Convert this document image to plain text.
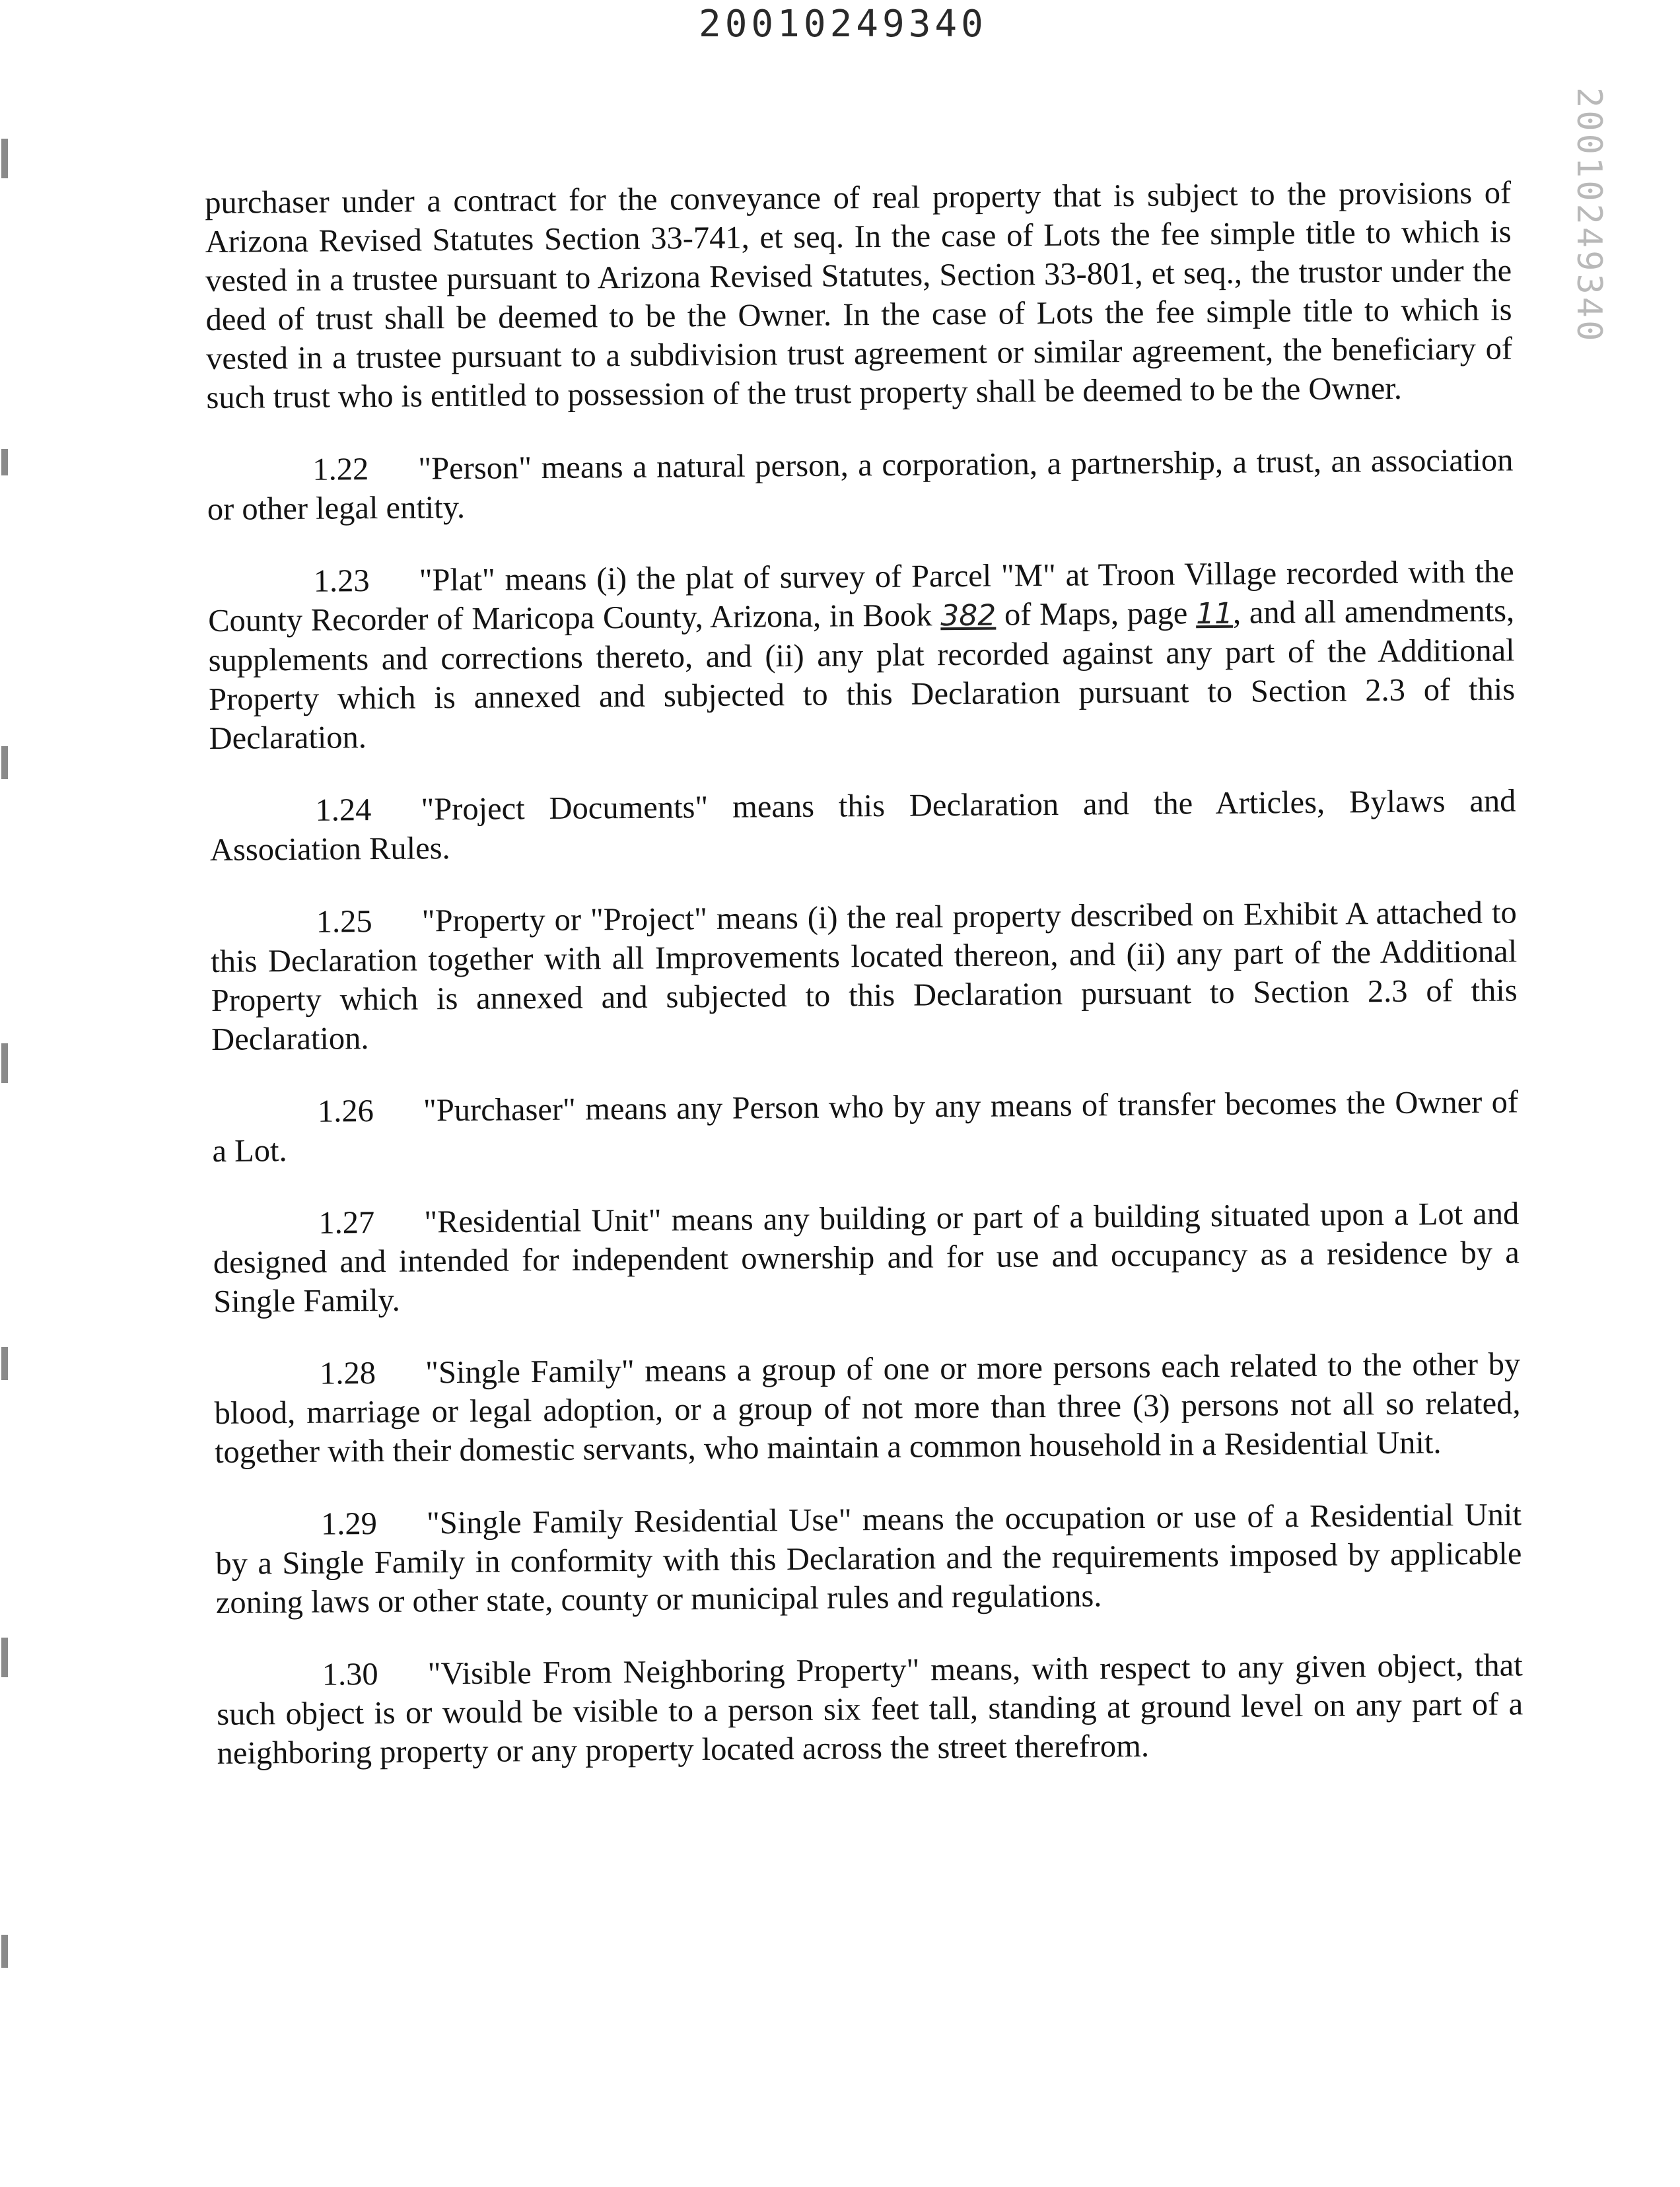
20010249340
20010249340

purchaser under a contract for the conveyance of real property that is subject to the provisions of Arizona Revised Statutes Section 33-741, et seq. In the case of Lots the fee simple title to which is vested in a trustee pursuant to Arizona Revised Statutes, Section 33-801, et seq., the trustor under the deed of trust shall be deemed to be the Owner. In the case of Lots the fee simple title to which is vested in a trustee pursuant to a subdivision trust agreement or similar agreement, the beneficiary of such trust who is entitled to possession of the trust property shall be deemed to be the Owner.

1.22 "Person" means a natural person, a corporation, a partnership, a trust, an association or other legal entity.

1.23 "Plat" means (i) the plat of survey of Parcel "M" at Troon Village recorded with the County Recorder of Maricopa County, Arizona, in Book 382 of Maps, page 11, and all amendments, supplements and corrections thereto, and (ii) any plat recorded against any part of the Additional Property which is annexed and subjected to this Declaration pursuant to Section 2.3 of this Declaration.

1.24 "Project Documents" means this Declaration and the Articles, Bylaws and Association Rules.

1.25 "Property or "Project" means (i) the real property described on Exhibit A attached to this Declaration together with all Improvements located thereon, and (ii) any part of the Additional Property which is annexed and subjected to this Declaration pursuant to Section 2.3 of this Declaration.

1.26 "Purchaser" means any Person who by any means of transfer becomes the Owner of a Lot.

1.27 "Residential Unit" means any building or part of a building situated upon a Lot and designed and intended for independent ownership and for use and occupancy as a residence by a Single Family.

1.28 "Single Family" means a group of one or more persons each related to the other by blood, marriage or legal adoption, or a group of not more than three (3) persons not all so related, together with their domestic servants, who maintain a common household in a Residential Unit.

1.29 "Single Family Residential Use" means the occupation or use of a Residential Unit by a Single Family in conformity with this Declaration and the requirements imposed by applicable zoning laws or other state, county or municipal rules and regulations.

1.30 "Visible From Neighboring Property" means, with respect to any given object, that such object is or would be visible to a person six feet tall, standing at ground level on any part of a neighboring property or any property located across the street therefrom.
